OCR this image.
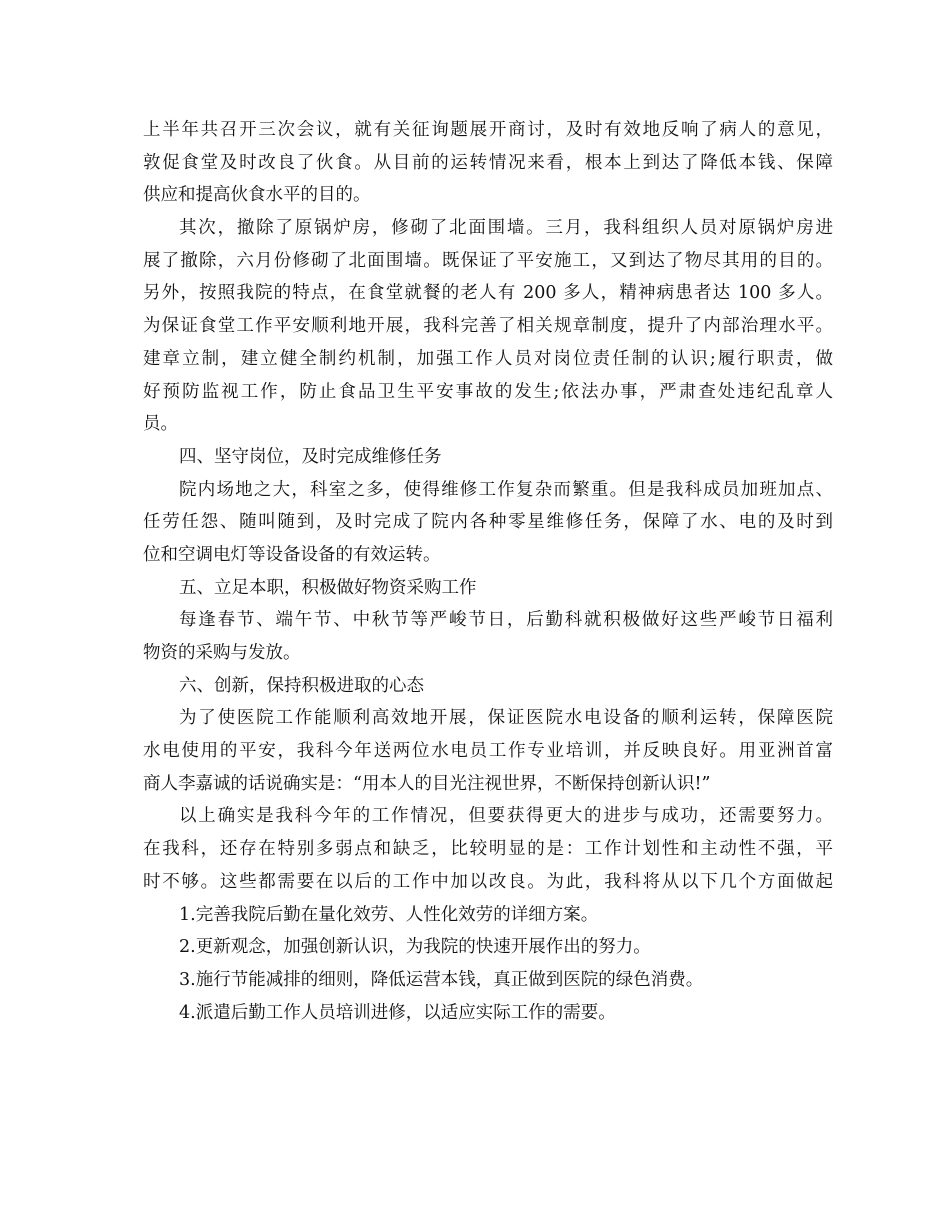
上半年共召开三次会议，就有关征询题展开商讨，及时有效地反响了病人的意见，

敦促食堂及时改良了伙食。从目前的运转情况来看，根本上到达了降低本钱、保障

供应和提高伙食水平的目的。

其次，撤除了原锅炉房，修砌了北面围墙。三月，我科组织人员对原锅炉房进

展了撤除，六月份修砌了北面围墙。既保证了平安施工，又到达了物尽其用的目的。

另外，按照我院的特点，在食堂就餐的老人有 200 多人，精神病患者达 100 多人。

为保证食堂工作平安顺利地开展，我科完善了相关规章制度，提升了内部治理水平。

建章立制，建立健全制约机制，加强工作人员对岗位责任制的认识;履行职责，做

好预防监视工作，防止食品卫生平安事故的发生;依法办事，严肃查处违纪乱章人

员。

四、坚守岗位，及时完成维修任务

院内场地之大，科室之多，使得维修工作复杂而繁重。但是我科成员加班加点、

任劳任怨、随叫随到，及时完成了院内各种零星维修任务，保障了水、电的及时到

位和空调电灯等设备设备的有效运转。

五、立足本职，积极做好物资采购工作

每逢春节、端午节、中秋节等严峻节日，后勤科就积极做好这些严峻节日福利

物资的采购与发放。

六、创新，保持积极进取的心态

为了使医院工作能顺利高效地开展，保证医院水电设备的顺利运转，保障医院

水电使用的平安，我科今年送两位水电员工作专业培训，并反映良好。用亚洲首富

商人李嘉诚的话说确实是：“用本人的目光注视世界，不断保持创新认识!”

以上确实是我科今年的工作情况，但要获得更大的进步与成功，还需要努力。

在我科，还存在特别多弱点和缺乏，比较明显的是：工作计划性和主动性不强，平

时不够。这些都需要在以后的工作中加以改良。为此，我科将从以下几个方面做起

1.完善我院后勤在量化效劳、人性化效劳的详细方案。

2.更新观念，加强创新认识，为我院的快速开展作出的努力。

3.施行节能减排的细则，降低运营本钱，真正做到医院的绿色消费。

4.派遣后勤工作人员培训进修，以适应实际工作的需要。
